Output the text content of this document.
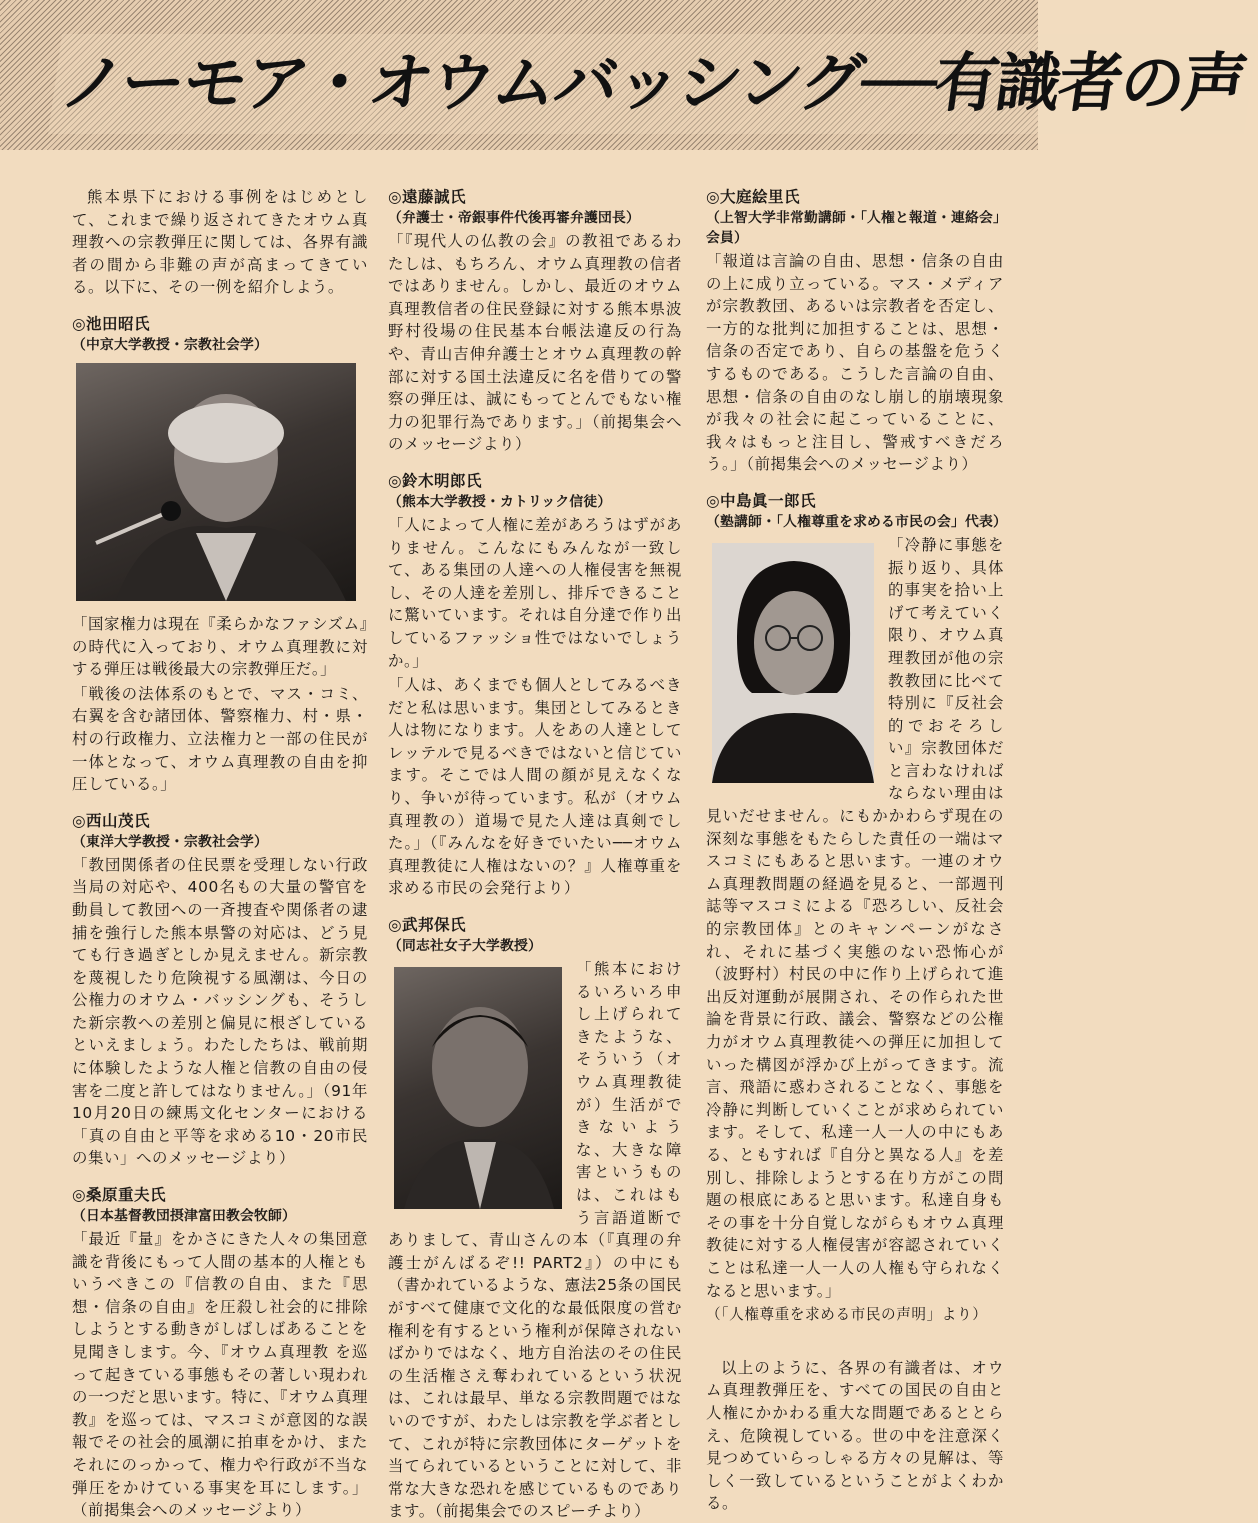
ノーモア・オウムバッシング──有識者の声

熊本県下における事例をはじめとして、これまで繰り返されてきたオウム真理教への宗教弾圧に関しては、各界有識者の間から非難の声が高まってきている。以下に、その一例を紹介しよう。

◎池田昭氏
（中京大学教授・宗教社会学）

「国家権力は現在『柔らかなファシズム』の時代に入っており、オウム真理教に対する弾圧は戦後最大の宗教弾圧だ。」

「戦後の法体系のもとで、マス・コミ、右翼を含む諸団体、警察権力、村・県・村の行政権力、立法権力と一部の住民が一体となって、オウム真理教の自由を抑圧している。」

◎西山茂氏
（東洋大学教授・宗教社会学）

「教団関係者の住民票を受理しない行政当局の対応や、400名もの大量の警官を動員して教団への一斉捜査や関係者の逮捕を強行した熊本県警の対応は、どう見ても行き過ぎとしか見えません。新宗教を蔑視したり危険視する風潮は、今日の公権力のオウム・バッシングも、そうした新宗教への差別と偏見に根ざしているといえましょう。わたしたちは、戦前期に体験したような人権と信教の自由の侵害を二度と許してはなりません。」（91年10月20日の練馬文化センターにおける「真の自由と平等を求める10・20市民の集い」へのメッセージより）

◎桑原重夫氏
（日本基督教団摂津富田教会牧師）

「最近『量』をかさにきた人々の集団意識を背後にもって人間の基本的人権ともいうべきこの『信教の自由、また『思想・信条の自由』を圧殺し社会的に排除しようとする動きがしばしばあることを見聞きします。今、『オウム真理教 を巡って起きている事態もその著しい現われの一つだと思います。特に、『オウム真理教』を巡っては、マスコミが意図的な誤報でその社会的風潮に拍車をかけ、またそれにのっかって、権力や行政が不当な弾圧をかけている事実を耳にします。」（前掲集会へのメッセージより）

◎遠藤誠氏
（弁護士・帝銀事件代後再審弁護団長）

「『現代人の仏教の会』の教祖であるわたしは、もちろん、オウム真理教の信者ではありません。しかし、最近のオウム真理教信者の住民登録に対する熊本県波野村役場の住民基本台帳法違反の行為や、青山吉伸弁護士とオウム真理教の幹部に対する国土法違反に名を借りての警察の弾圧は、誠にもってとんでもない権力の犯罪行為であります。」（前掲集会へのメッセージより）

◎鈴木明郎氏
（熊本大学教授・カトリック信徒）

「人によって人権に差があろうはずがありません。こんなにもみんなが一致して、ある集団の人達への人権侵害を無視し、その人達を差別し、排斥できることに驚いています。それは自分達で作り出しているファッショ性ではないでしょうか。」

「人は、あくまでも個人としてみるべきだと私は思います。集団としてみるとき人は物になります。人をあの人達としてレッテルで見るべきではないと信じています。そこでは人間の顔が見えなくなり、争いが待っています。私が（オウム真理教の）道場で見た人達は真剣でした。」（『みんなを好きでいたい──オウム真理教徒に人権はないの？』人権尊重を求める市民の会発行より）

◎武邦保氏
（同志社女子大学教授）

「熊本におけるいろいろ申し上げられてきたような、そういう（オウム真理教徒が）生活ができないような、大きな障害というものは、これはもう言語道断でありまして、青山さんの本（『真理の弁護士がんばるぞ!! PART2』）の中にも（書かれているような、憲法25条の国民がすべて健康で文化的な最低限度の営む権利を有するという権利が保障されないばかりではなく、地方自治法のその住民の生活権さえ奪われているという状況は、これは最早、単なる宗教問題ではないのですが、わたしは宗教を学ぶ者として、これが特に宗教団体にターゲットを当てられているということに対して、非常な大きな恐れを感じているものであります。（前掲集会でのスピーチより）

◎大庭絵里氏
（上智大学非常勤講師・「人権と報道・連絡会」会員）

「報道は言論の自由、思想・信条の自由の上に成り立っている。マス・メディアが宗教教団、あるいは宗教者を否定し、一方的な批判に加担することは、思想・信条の否定であり、自らの基盤を危うくするものである。こうした言論の自由、思想・信条の自由のなし崩し的崩壊現象が我々の社会に起こっていることに、我々はもっと注目し、警戒すべきだろう。」（前掲集会へのメッセージより）

◎中島眞一郎氏
（塾講師・「人権尊重を求める市民の会」代表）

「冷静に事態を振り返り、具体的事実を拾い上げて考えていく限り、オウム真理教団が他の宗教教団に比べて特別に『反社会的でおそろしい』宗教団体だと言わなければならない理由は見いだせません。にもかかわらず現在の深刻な事態をもたらした責任の一端はマスコミにもあると思います。一連のオウム真理教問題の経過を見ると、一部週刊誌等マスコミによる『恐ろしい、反社会的宗教団体』とのキャンペーンがなされ、それに基づく実態のない恐怖心が（波野村）村民の中に作り上げられて進出反対運動が展開され、その作られた世論を背景に行政、議会、警察などの公権力がオウム真理教徒への弾圧に加担していった構図が浮かび上がってきます。流言、飛語に惑わされることなく、事態を冷静に判断していくことが求められています。そして、私達一人一人の中にもある、ともすれば『自分と異なる人』を差別し、排除しようとする在り方がこの問題の根底にあると思います。私達自身もその事を十分自覚しながらもオウム真理教徒に対する人権侵害が容認されていくことは私達一人一人の人権も守られなくなると思います。」

（「人権尊重を求める市民の声明」より）

以上のように、各界の有識者は、オウム真理教弾圧を、すべての国民の自由と人権にかかわる重大な問題であるととらえ、危険視している。世の中を注意深く見つめていらっしゃる方々の見解は、等しく一致しているということがよくわかる。
